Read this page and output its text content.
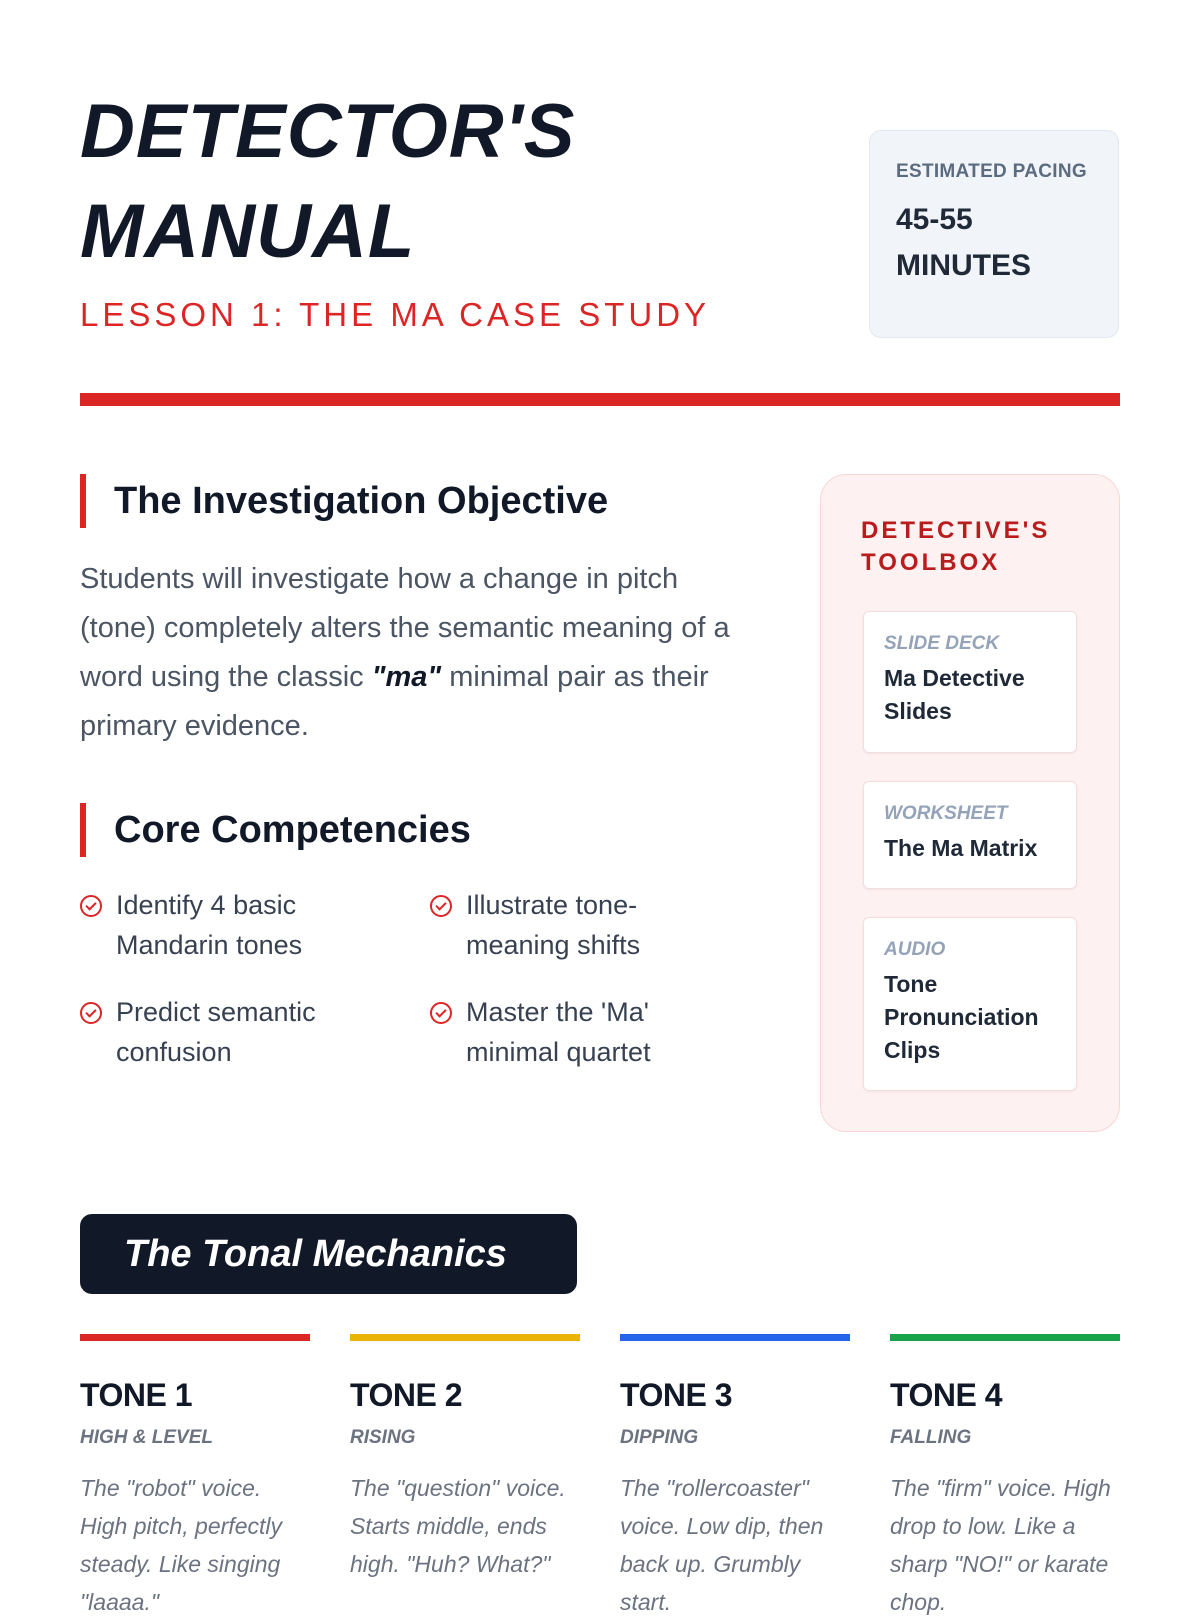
DETECTOR'S MANUAL
LESSON 1: THE MA CASE STUDY
ESTIMATED PACING
45-55 MINUTES
The Investigation Objective

Students will investigate how a change in pitch (tone) completely alters the semantic meaning of a word using the classic "ma" minimal pair as their primary evidence.

Core Competencies
Identify 4 basic Mandarin tones
Illustrate tone-meaning shifts
Predict semantic confusion
Master the 'Ma' minimal quartet
DETECTIVE'S TOOLBOX
SLIDE DECK
Ma Detective Slides
WORKSHEET
The Ma Matrix
AUDIO
Tone Pronunciation Clips
The Tonal Mechanics
TONE 1
HIGH & LEVEL
The "robot" voice. High pitch, perfectly steady. Like singing "laaaa."
TONE 2
RISING
The "question" voice. Starts middle, ends high. "Huh? What?"
TONE 3
DIPPING
The "rollercoaster" voice. Low dip, then back up. Grumbly start.
TONE 4
FALLING
The "firm" voice. High drop to low. Like a sharp "NO!" or karate chop.
